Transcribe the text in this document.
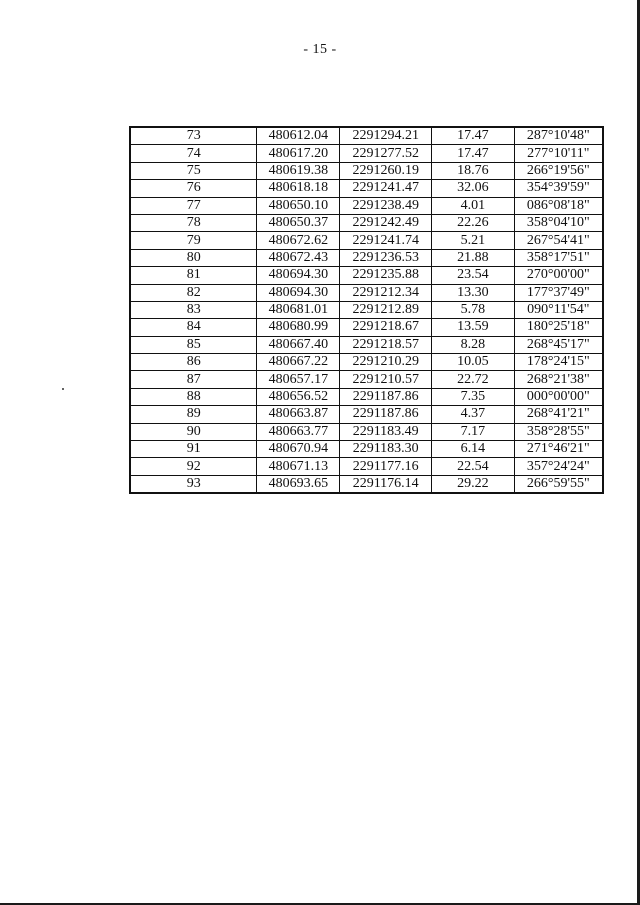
- 15 -
73	480612.04	2291294.21	17.47	287°10'48"
74	480617.20	2291277.52	17.47	277°10'11"
75	480619.38	2291260.19	18.76	266°19'56"
76	480618.18	2291241.47	32.06	354°39'59"
77	480650.10	2291238.49	4.01	086°08'18"
78	480650.37	2291242.49	22.26	358°04'10"
79	480672.62	2291241.74	5.21	267°54'41"
80	480672.43	2291236.53	21.88	358°17'51"
81	480694.30	2291235.88	23.54	270°00'00"
82	480694.30	2291212.34	13.30	177°37'49"
83	480681.01	2291212.89	5.78	090°11'54"
84	480680.99	2291218.67	13.59	180°25'18"
85	480667.40	2291218.57	8.28	268°45'17"
86	480667.22	2291210.29	10.05	178°24'15"
87	480657.17	2291210.57	22.72	268°21'38"
88	480656.52	2291187.86	7.35	000°00'00"
89	480663.87	2291187.86	4.37	268°41'21"
90	480663.77	2291183.49	7.17	358°28'55"
91	480670.94	2291183.30	6.14	271°46'21"
92	480671.13	2291177.16	22.54	357°24'24"
93	480693.65	2291176.14	29.22	266°59'55"
